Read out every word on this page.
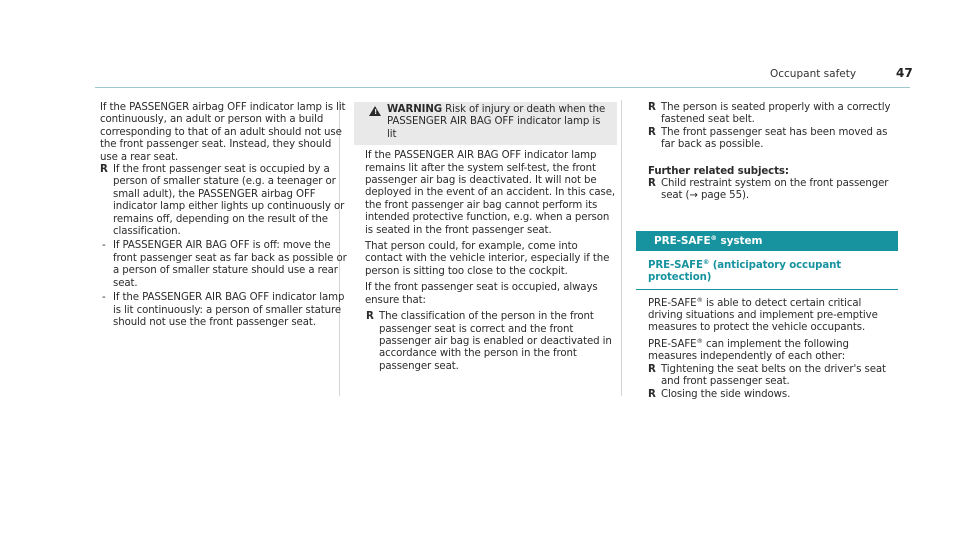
Occupant safety	47

If the PASSENGER airbag OFF indicator lamp is lit continuously, an adult or person with a build corresponding to that of an adult should not use the front passenger seat. Instead, they should use a rear seat.

R If the front passenger seat is occupied by a person of smaller stature (e.g. a teenager or small adult), the PASSENGER airbag OFF indicator lamp either lights up continuously or remains off, depending on the result of the classification.
- If PASSENGER AIR BAG OFF is off: move the front passenger seat as far back as possible or a person of smaller stature should use a rear seat.
- If the PASSENGER AIR BAG OFF indicator lamp is lit continuously: a person of smaller stature should not use the front passenger seat.
! WARNING Risk of injury or death when the PASSENGER AIR BAG OFF indicator lamp is lit

If the PASSENGER AIR BAG OFF indicator lamp remains lit after the system self-test, the front passenger air bag is deactivated. It will not be deployed in the event of an accident. In this case, the front passenger air bag cannot perform its intended protective function, e.g. when a person is seated in the front passenger seat.

That person could, for example, come into contact with the vehicle interior, especially if the person is sitting too close to the cockpit.

If the front passenger seat is occupied, always ensure that:

R The classification of the person in the front passenger seat is correct and the front passenger air bag is enabled or deactivated in accordance with the person in the front passenger seat.
R The person is seated properly with a correctly fastened seat belt.
R The front passenger seat has been moved as far back as possible.
Further related subjects:
R Child restraint system on the front passenger seat (→ page 55).
PRE-SAFE® system
PRE-SAFE® (anticipatory occupant protection)

PRE-SAFE® is able to detect certain critical driving situations and implement pre-emptive measures to protect the vehicle occupants.

PRE-SAFE® can implement the following measures independently of each other:

R Tightening the seat belts on the driver's seat and front passenger seat.
R Closing the side windows.
